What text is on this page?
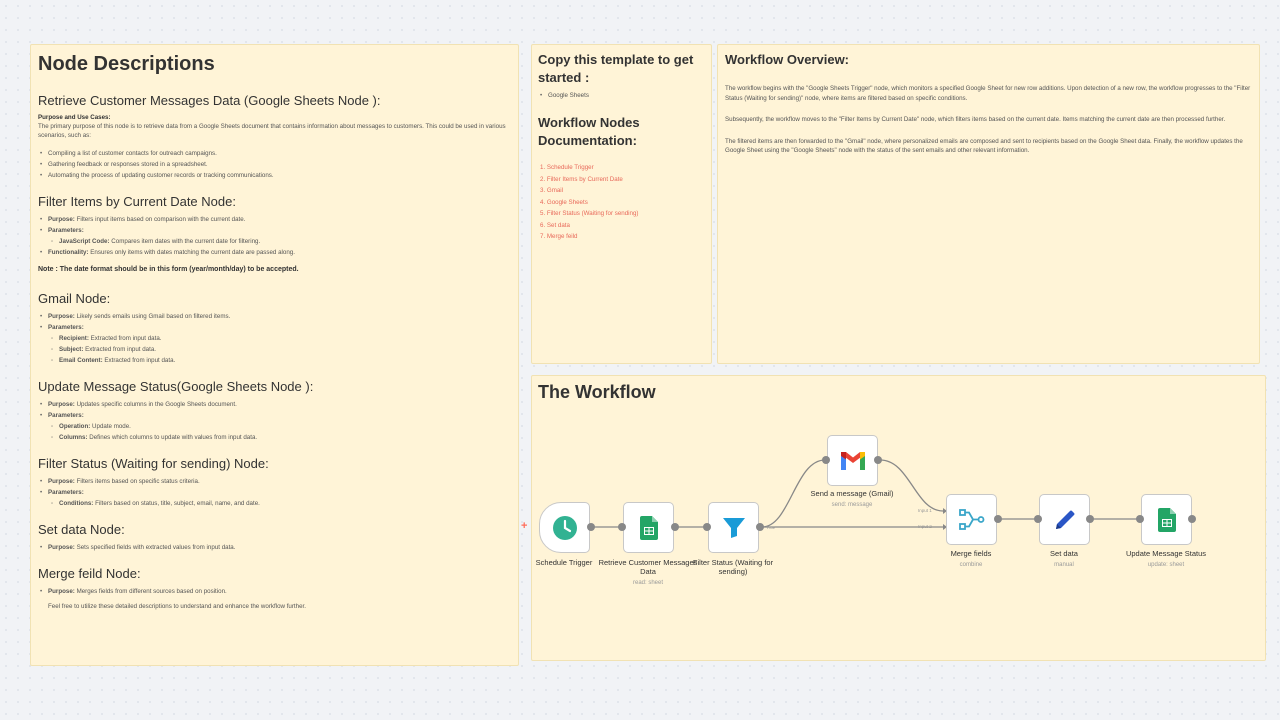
Node Descriptions
Retrieve Customer Messages Data (Google Sheets Node ):
Purpose and Use Cases:
The primary purpose of this node is to retrieve data from a Google Sheets document that contains information about messages to customers. This could be used in various scenarios, such as:
• Compiling a list of customer contacts for outreach campaigns.
• Gathering feedback or responses stored in a spreadsheet.
• Automating the process of updating customer records or tracking communications.
Filter Items by Current Date Node:
• Purpose: Filters input items based on comparison with the current date.
• Parameters:
◦ JavaScript Code: Compares item dates with the current date for filtering.
• Functionality: Ensures only items with dates matching the current date are passed along.
Note : The date format should be in this form (year/month/day) to be accepted.
Gmail Node:
• Purpose: Likely sends emails using Gmail based on filtered items.
• Parameters:
◦ Recipient: Extracted from input data.
◦ Subject: Extracted from input data.
◦ Email Content: Extracted from input data.
Update Message Status(Google Sheets Node ):
• Purpose: Updates specific columns in the Google Sheets document.
• Parameters:
◦ Operation: Update mode.
◦ Columns: Defines which columns to update with values from input data.
Filter Status (Waiting for sending) Node:
• Purpose: Filters items based on specific status criteria.
• Parameters:
◦ Conditions: Filters based on status, title, subject, email, name, and date.
Set data Node:
• Purpose: Sets specified fields with extracted values from input data.
Merge feild Node:
• Purpose: Merges fields from different sources based on position.
Feel free to utilize these detailed descriptions to understand and enhance the workflow further.
Copy this template to get started :
• Google Sheets
Workflow Nodes Documentation:
1. Schedule Trigger
2. Filter Items by Current Date
3. Gmail
4. Google Sheets
5. Filter Status (Waiting for sending)
6. Set data
7. Merge feild
Workflow Overview:
The workflow begins with the "Google Sheets Trigger" node, which monitors a specified Google Sheet for new row additions. Upon detection of a new row, the workflow progresses to the "Filter Status (Waiting for sending)" node, where items are filtered based on specific conditions.
Subsequently, the workflow moves to the "Filter Items by Current Date" node, which filters items based on the current date. Items matching the current date are then processed further.
The filtered items are then forwarded to the "Gmail" node, where personalized emails are composed and sent to recipients based on the Google Sheet data. Finally, the workflow updates the Google Sheet using the "Google Sheets" node with the status of the sent emails and other relevant information.
The Workflow
True
Input 1
Input 2
+
Schedule Trigger Retrieve Customer Messages Data
read: sheet
Filter Status (Waiting for sending)
Send a message (Gmail)
send: message
Merge fields
combine
Set data
manual
Update Message Status
update: sheet
